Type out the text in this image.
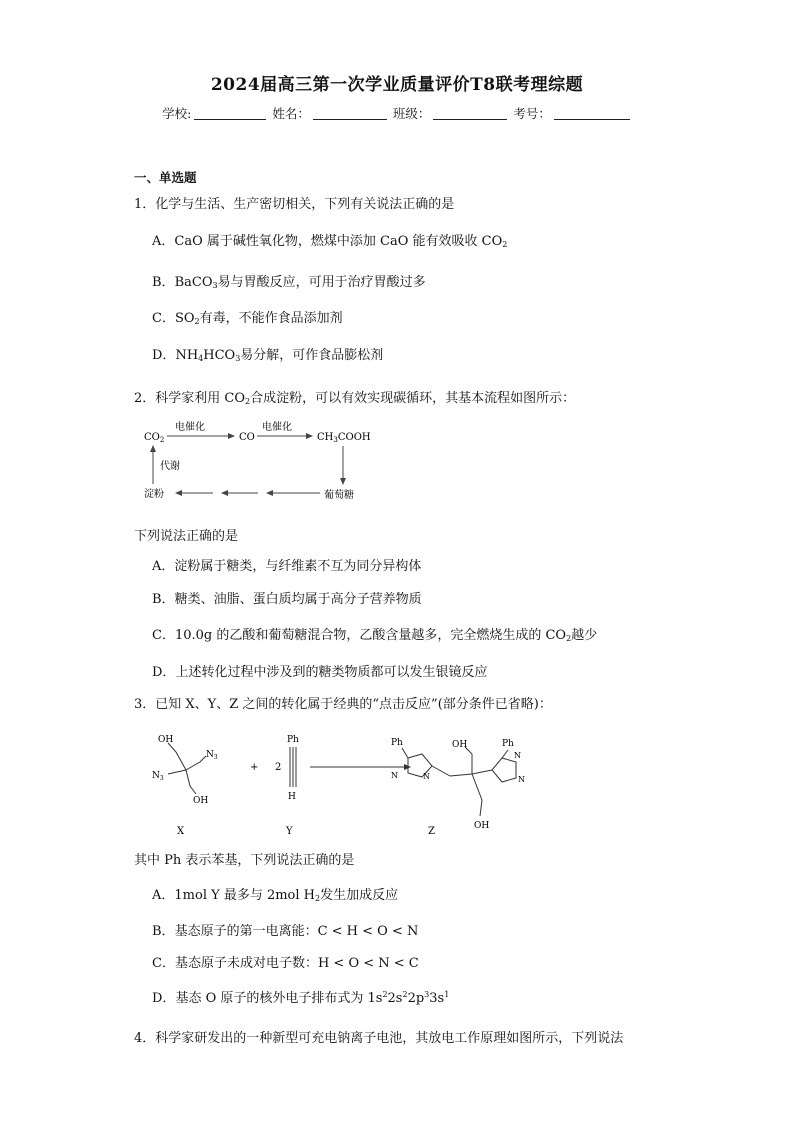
2024届高三第一次学业质量评价T8联考理综题
学校:	姓名：	班级：	考号：
一、单选题
1．化学与生活、生产密切相关，下列有关说法正确的是
A．CaO 属于碱性氧化物，燃煤中添加 CaO 能有效吸收 $CO_2$
B．BaCO$_3$易与胃酸反应，可用于治疗胃酸过多
C．$SO_2$有毒，不能作食品添加剂
D．$NH_4HCO_3$易分解，可作食品膨松剂
2．科学家利用 $CO_2$合成淀粉，可以有效实现碳循环，其基本流程如图所示：
$CO_2$	CO	$CH_3COOH$
电催化	电催化
葡萄糖
淀粉
代谢
下列说法正确的是
A．淀粉属于糖类，与纤维素不互为同分异构体
B．糖类、油脂、蛋白质均属于高分子营养物质
C．10.0g 的乙酸和葡萄糖混合物，乙酸含量越多，完全燃烧生成的 $CO_2$越少
D．上述转化过程中涉及到的糖类物质都可以发生银镜反应
3．已知 X、Y、Z 之间的转化属于经典的“点击反应”(部分条件已省略)：
OH
$N_3$
$N_3$
OH
X
+ 2
Ph
H
Y
Ph
N	N
OH
OH
N
N
Ph
Z
其中 Ph 表示苯基，下列说法正确的是
A．1mol Y 最多与 2mol $H_2$发生加成反应
B．基态原子的第一电离能：C < H < O < N
C．基态原子未成对电子数：H < O < N < C
D．基态 O 原子的核外电子排布式为 $1s^22s^22p^33s^1$
4．科学家研发出的一种新型可充电钠离子电池，其放电工作原理如图所示，下列说法
